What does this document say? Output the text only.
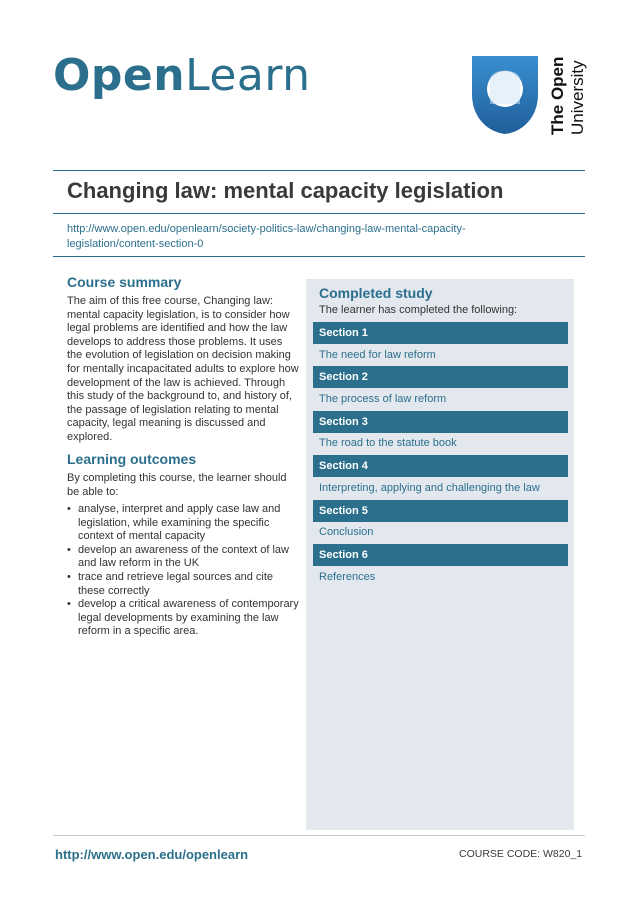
OpenLearn	The Open University
Changing law: mental capacity legislation
http://www.open.edu/openlearn/society-politics-law/changing-law-mental-capacity-legislation/content-section-0
Course summary
The aim of this free course, Changing law: mental capacity legislation, is to consider how legal problems are identified and how the law develops to address those problems. It uses the evolution of legislation on decision making for mentally incapacitated adults to explore how development of the law is achieved. Through this study of the background to, and history of, the passage of legislation relating to mental capacity, legal meaning is discussed and explored.
Learning outcomes
By completing this course, the learner should be able to:
• analyse, interpret and apply case law and legislation, while examining the specific context of mental capacity
• develop an awareness of the context of law and law reform in the UK
• trace and retrieve legal sources and cite these correctly
• develop a critical awareness of contemporary legal developments by examining the law reform in a specific area.
Completed study
The learner has completed the following:
Section 1
The need for law reform
Section 2
The process of law reform
Section 3
The road to the statute book
Section 4
Interpreting, applying and challenging the law
Section 5
Conclusion
Section 6
References
http://www.open.edu/openlearn	COURSE CODE: W820_1
